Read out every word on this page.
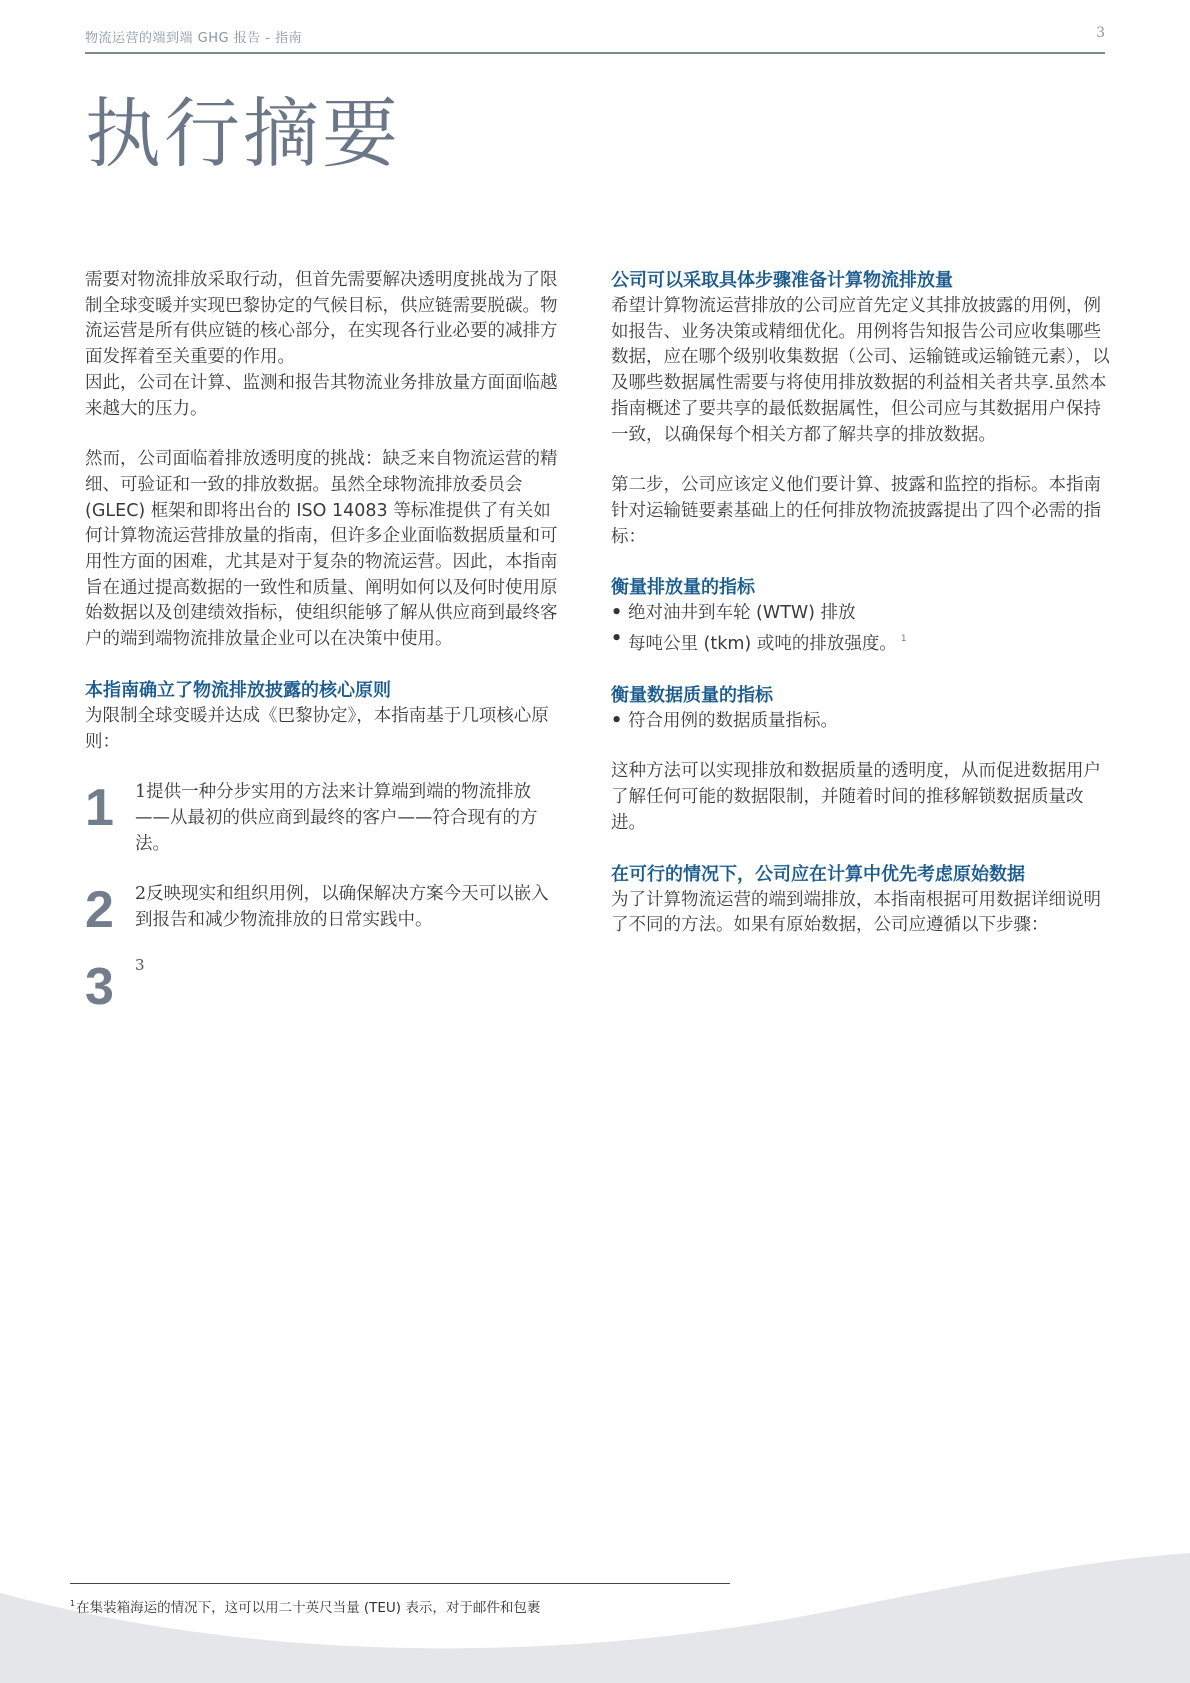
物流运营的端到端 GHG 报告 - 指南	3
执行摘要

需要对物流排放采取行动，但首先需要解决透明度挑战为了限制全球变暖并实现巴黎协定的气候目标，供应链需要脱碳。物流运营是所有供应链的核心部分，在实现各行业必要的减排方面发挥着至关重要的作用。

因此，公司在计算、监测和报告其物流业务排放量方面面临越来越大的压力。

然而，公司面临着排放透明度的挑战：缺乏来自物流运营的精细、可验证和一致的排放数据。虽然全球物流排放委员会 (GLEC) 框架和即将出台的 ISO 14083 等标准提供了有关如何计算物流运营排放量的指南，但许多企业面临数据质量和可用性方面的困难，尤其是对于复杂的物流运营。因此，本指南旨在通过提高数据的一致性和质量、阐明如何以及何时使用原始数据以及创建绩效指标，使组织能够了解从供应商到最终客户的端到端物流排放量企业可以在决策中使用。

本指南确立了物流排放披露的核心原则

为限制全球变暖并达成《巴黎协定》，本指南基于几项核心原则：

1 1提供一种分步实用的方法来计算端到端的物流排放——从最初的供应商到最终的客户——符合现有的方法。

2 2反映现实和组织用例，以确保解决方案今天可以嵌入到报告和减少物流排放的日常实践中。

3 3

公司可以采取具体步骤准备计算物流排放量

希望计算物流运营排放的公司应首先定义其排放披露的用例，例如报告、业务决策或精细优化。用例将告知报告公司应收集哪些数据，应在哪个级别收集数据（公司、运输链或运输链元素），以及哪些数据属性需要与将使用排放数据的利益相关者共享.虽然本指南概述了要共享的最低数据属性，但公司应与其数据用户保持一致，以确保每个相关方都了解共享的排放数据。

第二步，公司应该定义他们要计算、披露和监控的指标。本指南针对运输链要素基础上的任何排放物流披露提出了四个必需的指标：

衡量排放量的指标

• 绝对油井到车轮 (WTW) 排放

• 每吨公里 (tkm) 或吨的排放强度。 $^1$

衡量数据质量的指标

• 符合用例的数据质量指标。

这种方法可以实现排放和数据质量的透明度，从而促进数据用户了解任何可能的数据限制，并随着时间的推移解锁数据质量改进。

在可行的情况下，公司应在计算中优先考虑原始数据

为了计算物流运营的端到端排放，本指南根据可用数据详细说明了不同的方法。如果有原始数据，公司应遵循以下步骤：

$^1$在集装箱海运的情况下，这可以用二十英尺当量 (TEU) 表示，对于邮件和包裹
